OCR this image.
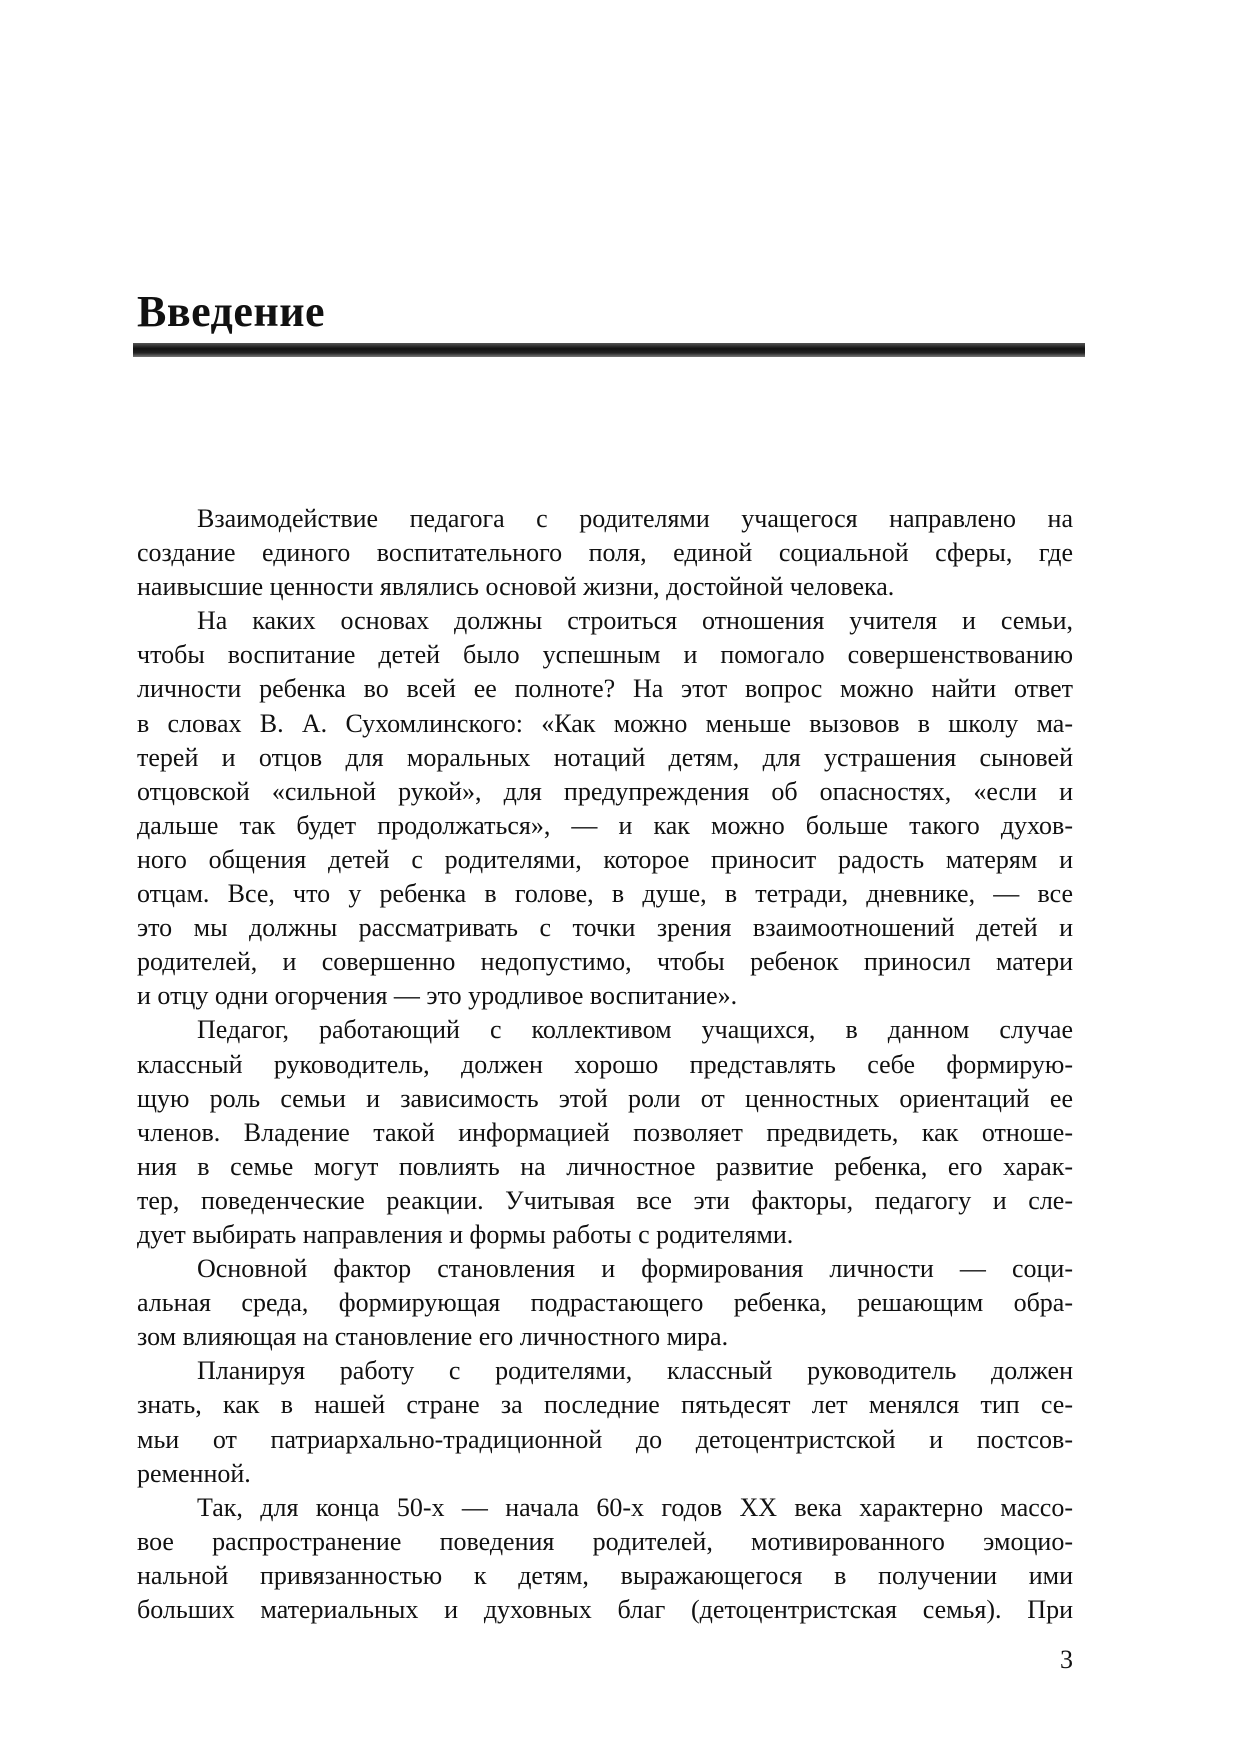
Введение
Взаимодействие педагога с родителями учащегося направлено на
создание единого воспитательного поля, единой социальной сферы, где
наивысшие ценности являлись основой жизни, достойной человека.
На каких основах должны строиться отношения учителя и семьи,
чтобы воспитание детей было успешным и помогало совершенствованию
личности ребенка во всей ее полноте? На этот вопрос можно найти ответ
в словах В. А. Сухомлинского: «Как можно меньше вызовов в школу ма-
терей и отцов для моральных нотаций детям, для устрашения сыновей
отцовской «сильной рукой», для предупреждения об опасностях, «если и
дальше так будет продолжаться», — и как можно больше такого духов-
ного общения детей с родителями, которое приносит радость матерям и
отцам. Все, что у ребенка в голове, в душе, в тетради, дневнике, — все
это мы должны рассматривать с точки зрения взаимоотношений детей и
родителей, и совершенно недопустимо, чтобы ребенок приносил матери
и отцу одни огорчения — это уродливое воспитание».
Педагог, работающий с коллективом учащихся, в данном случае
классный руководитель, должен хорошо представлять себе формирую-
щую роль семьи и зависимость этой роли от ценностных ориентаций ее
членов. Владение такой информацией позволяет предвидеть, как отноше-
ния в семье могут повлиять на личностное развитие ребенка, его харак-
тер, поведенческие реакции. Учитывая все эти факторы, педагогу и сле-
дует выбирать направления и формы работы с родителями.
Основной фактор становления и формирования личности — соци-
альная среда, формирующая подрастающего ребенка, решающим обра-
зом влияющая на становление его личностного мира.
Планируя работу с родителями, классный руководитель должен
знать, как в нашей стране за последние пятьдесят лет менялся тип се-
мьи от патриархально-традиционной до детоцентристской и постсов-
ременной.
Так, для конца 50-х — начала 60-х годов XX века характерно массо-
вое распространение поведения родителей, мотивированного эмоцио-
нальной привязанностью к детям, выражающегося в получении ими
больших материальных и духовных благ (детоцентристская семья). При
3
